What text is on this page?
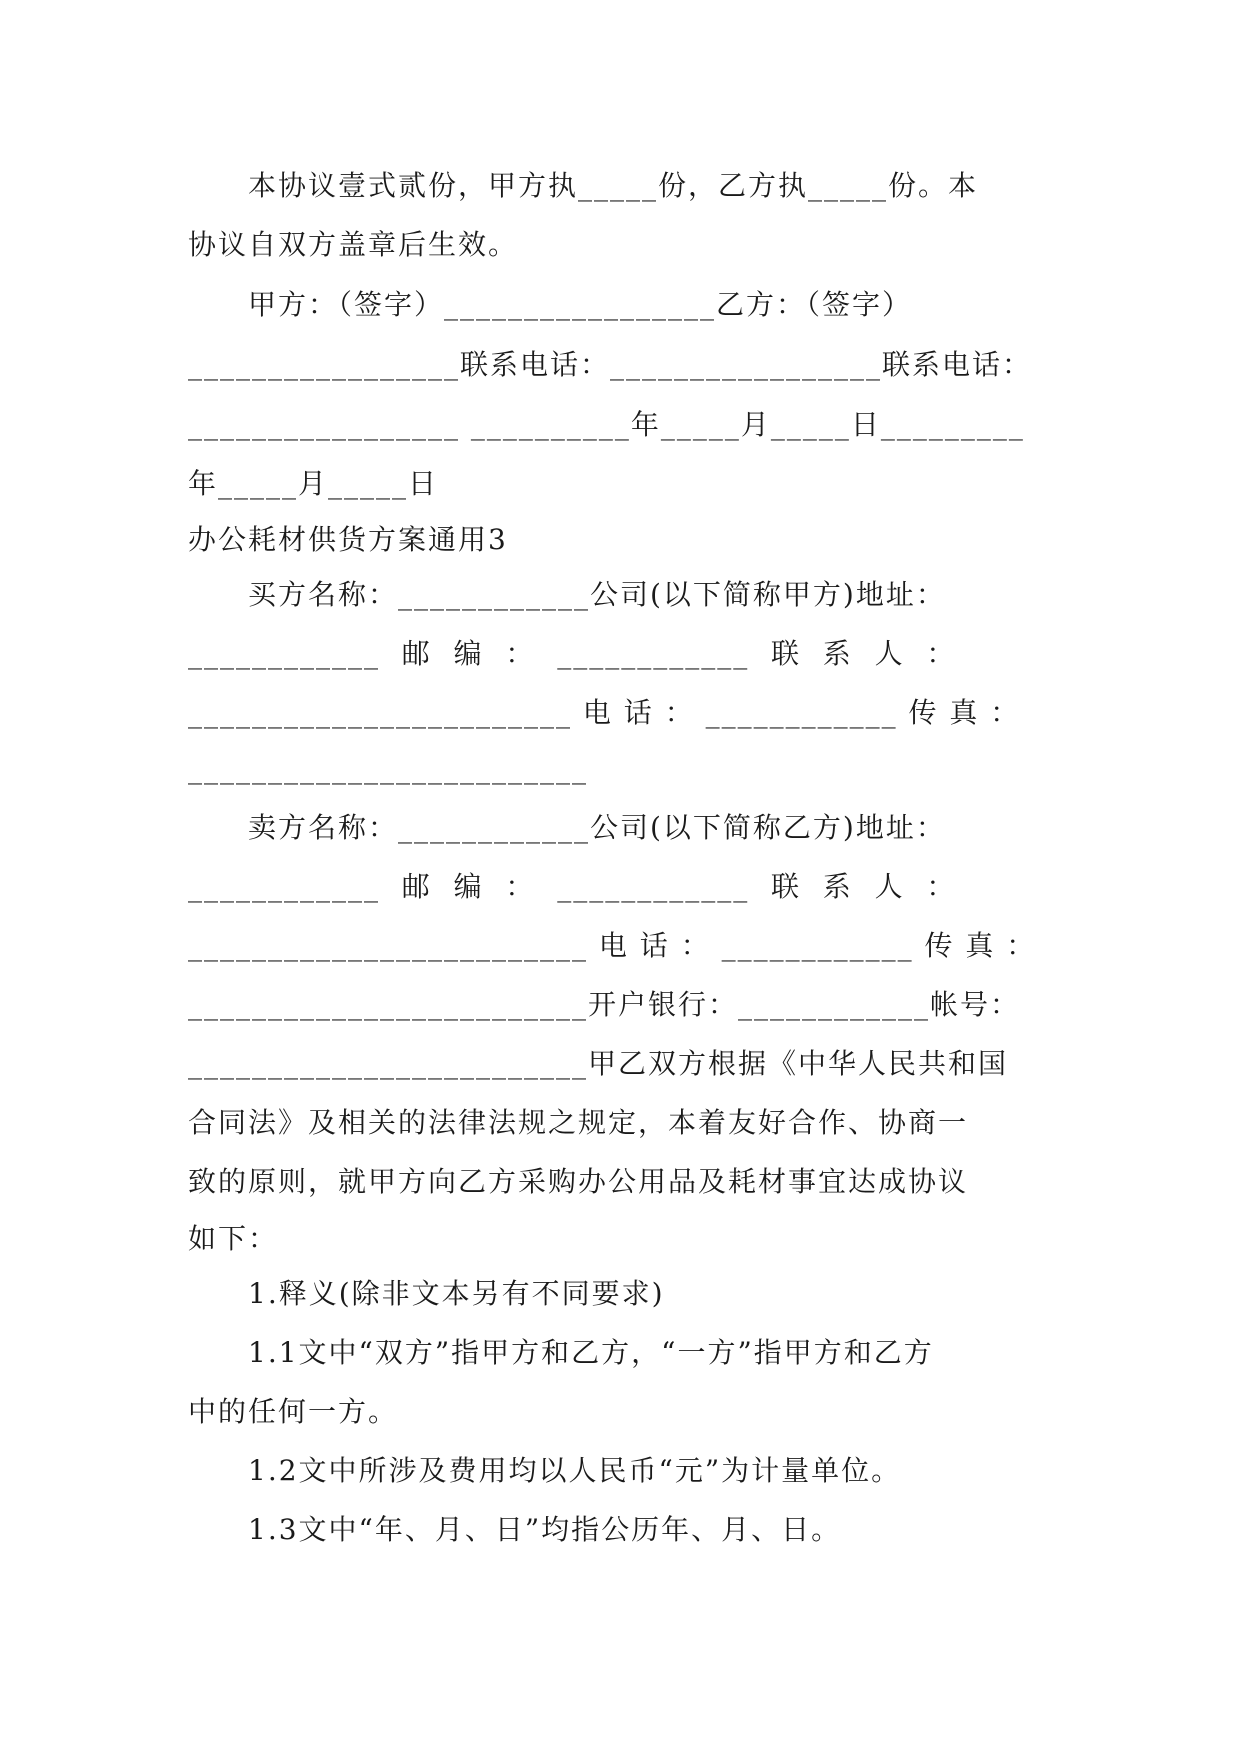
　　本协议壹式贰份，甲方执_____份，乙方执_____份。本
协议自双方盖章后生效。
　　甲方：（签字）_________________乙方：（签字）
_________________联系电话：_________________联系电话：
_________________ __________年_____月_____日_________
年_____月_____日
办公耗材供货方案通用3
　　买方名称：____________公司(以下简称甲方)地址：
____________  邮  编  ：  ____________  联  系  人  ：
________________________ 电 话 ： ____________ 传 真 ：
_________________________
　　卖方名称：____________公司(以下简称乙方)地址：
____________  邮  编  ：  ____________  联  系  人  ：
_________________________ 电 话 ： ____________ 传 真 ：
_________________________开户银行：____________帐号：
_________________________甲乙双方根据《中华人民共和国
合同法》及相关的法律法规之规定，本着友好合作、协商一
致的原则，就甲方向乙方采购办公用品及耗材事宜达成协议
如下：
　　1.释义(除非文本另有不同要求)
　　1.1文中“双方”指甲方和乙方，“一方”指甲方和乙方
中的任何一方。
　　1.2文中所涉及费用均以人民币“元”为计量单位。
　　1.3文中“年、月、日”均指公历年、月、日。
